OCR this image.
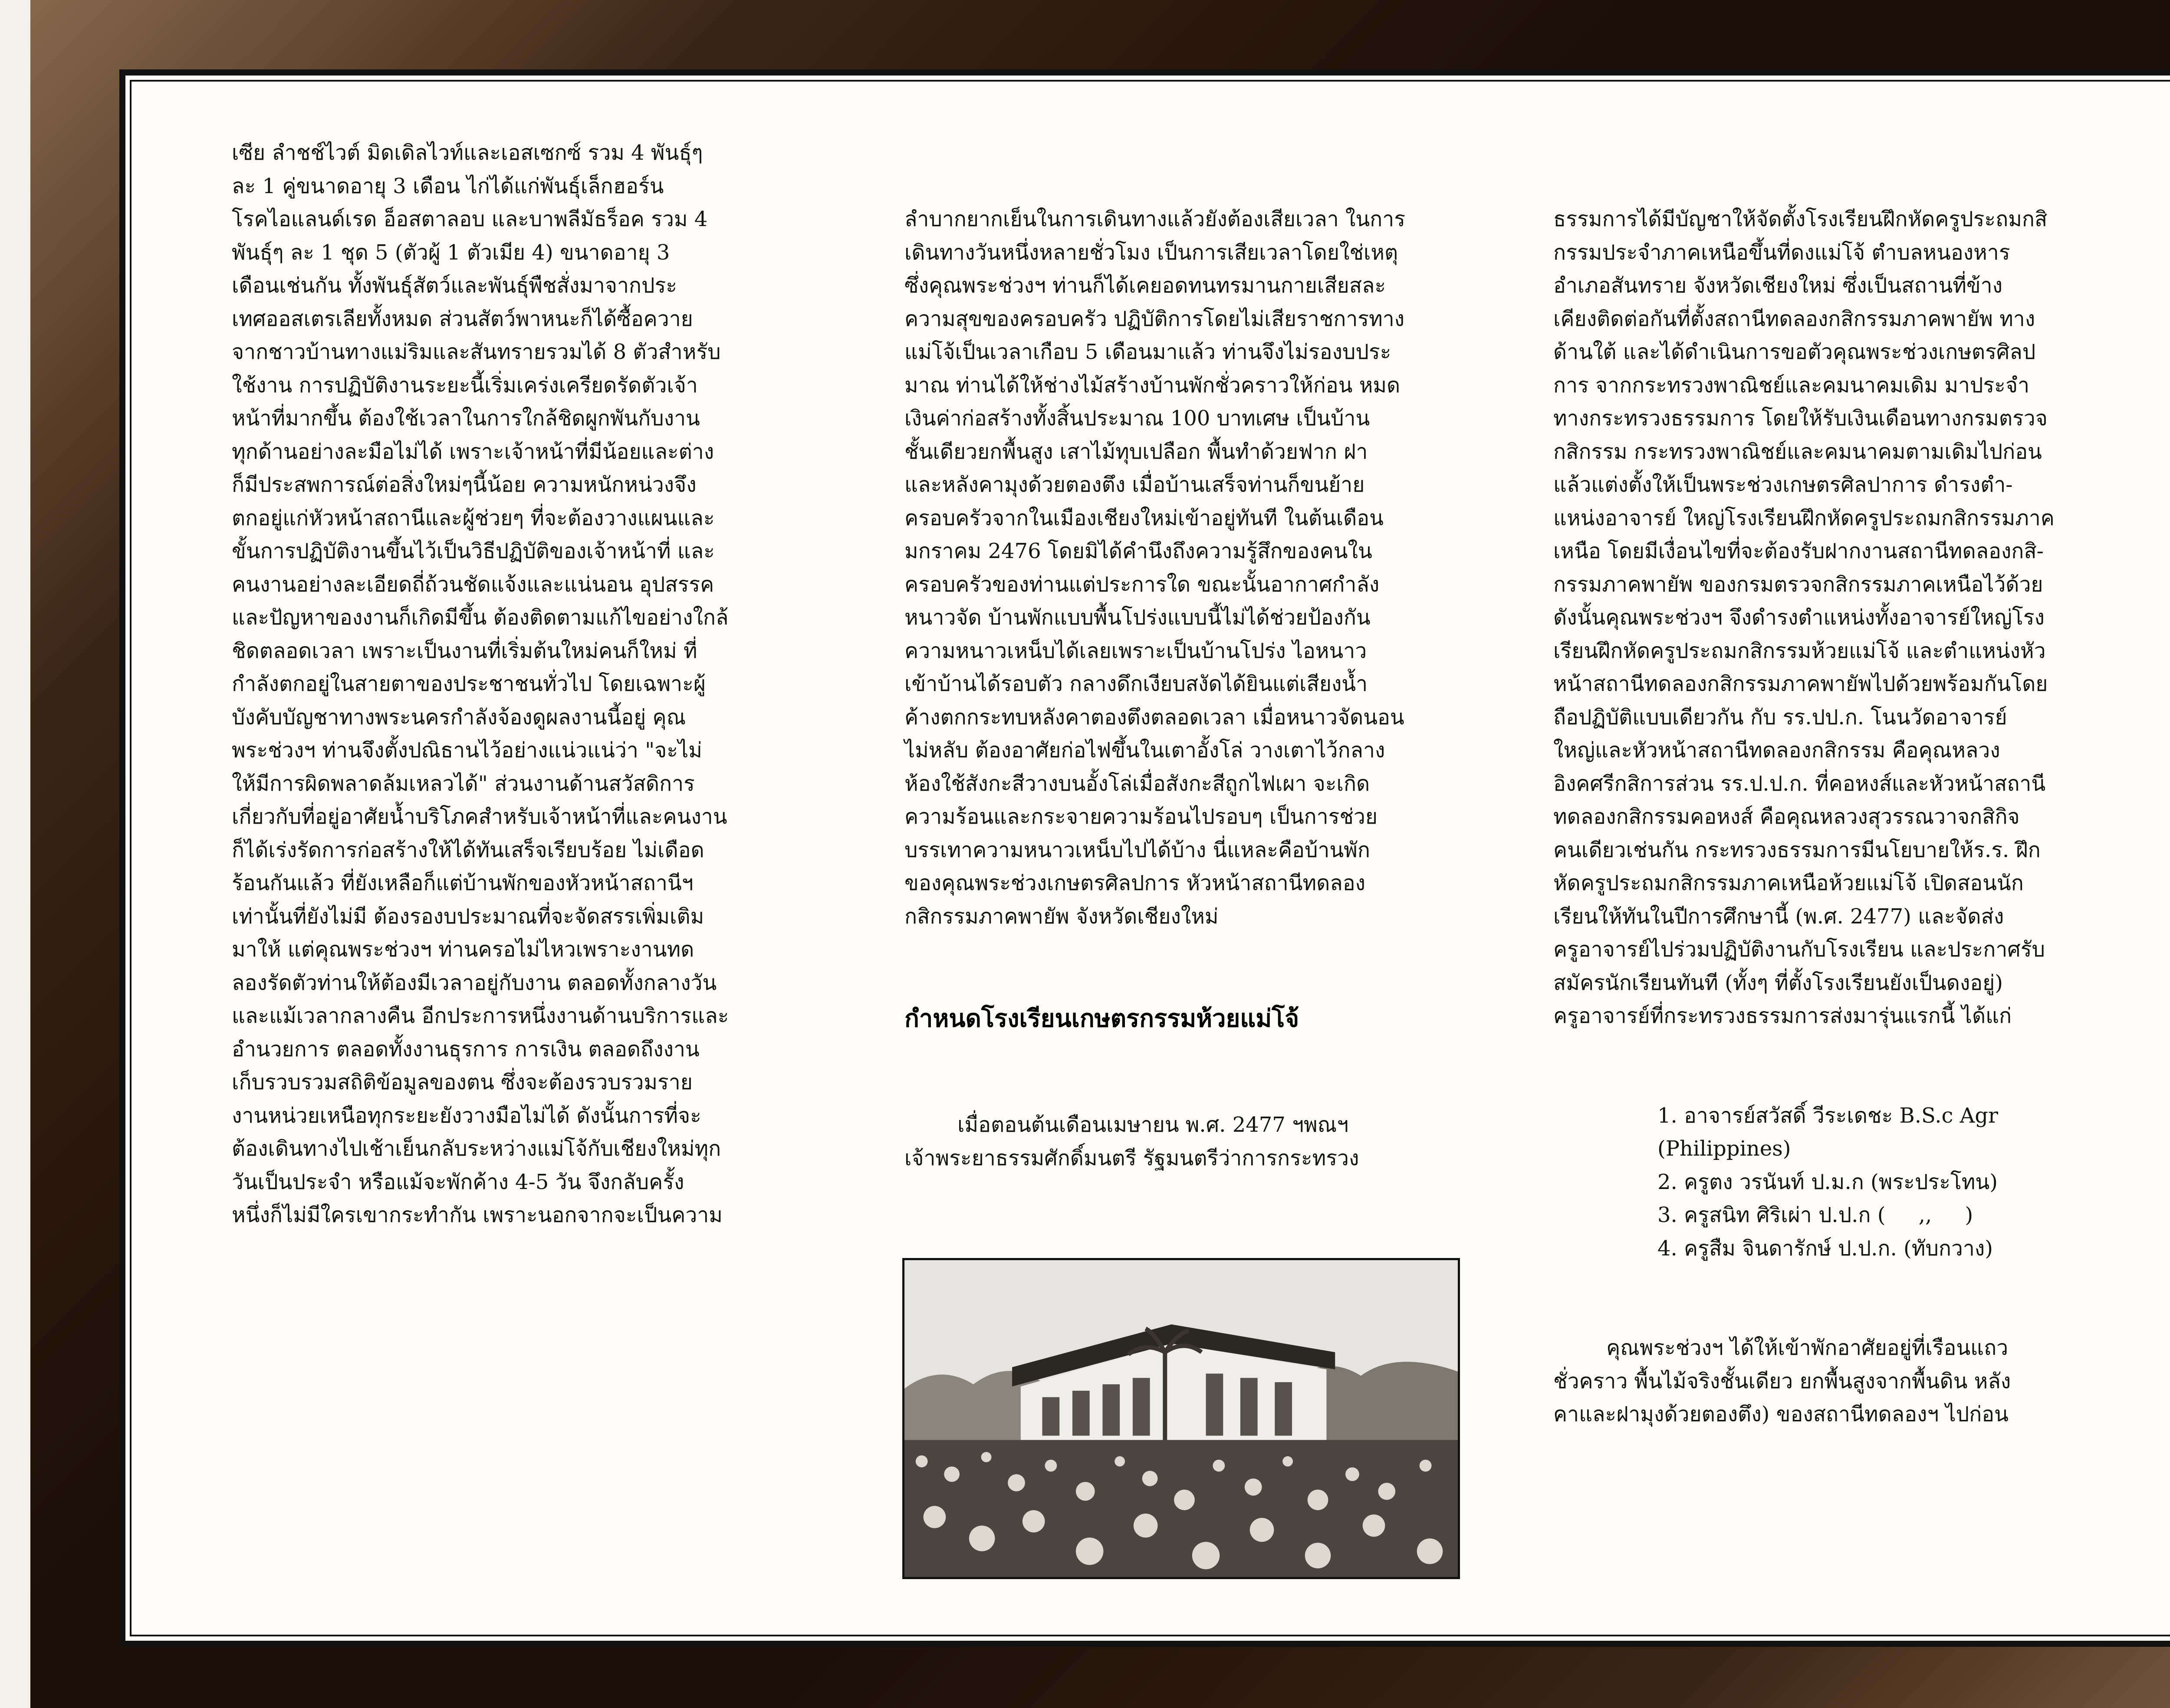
เซีย ลําชช์ไวต์ มิดเดิลไวท์และเอสเซกซ์ รวม 4 พันธุ์ๆ

ละ 1 คู่ขนาดอายุ 3 เดือน ไก่ได้แก่พันธุ์เล็กฮอร์น

โรคไอแลนด์เรด อ็อสตาลอบ และบาพลีมัธร็อค รวม 4

พันธุ์ๆ ละ 1 ชุด 5 (ตัวผู้ 1 ตัวเมีย 4) ขนาดอายุ 3

เดือนเช่นกัน ทั้งพันธุ์สัตว์และพันธุ์พืชสั่งมาจากประ

เทศออสเตรเลียทั้งหมด ส่วนสัตว์พาหนะก็ได้ซื้อควาย

จากชาวบ้านทางแม่ริมและสันทรายรวมได้ 8 ตัวสําหรับ

ใช้งาน การปฏิบัติงานระยะนี้เริ่มเคร่งเครียดรัดตัวเจ้า

หน้าที่มากขึ้น ต้องใช้เวลาในการใกล้ชิดผูกพันกับงาน

ทุกด้านอย่างละมือไม่ได้ เพราะเจ้าหน้าที่มีน้อยและต่าง

ก็มีประสพการณ์ต่อสิ่งใหม่ๆนี้น้อย ความหนักหน่วงจึง

ตกอยู่แก่หัวหน้าสถานีและผู้ช่วยๆ ที่จะต้องวางแผนและ

ขั้นการปฏิบัติงานขึ้นไว้เป็นวิธีปฏิบัติของเจ้าหน้าที่ และ

คนงานอย่างละเอียดถี่ถ้วนชัดแจ้งและแน่นอน อุปสรรค

และปัญหาของงานก็เกิดมีขึ้น ต้องติดตามแก้ไขอย่างใกล้

ชิดตลอดเวลา เพราะเป็นงานที่เริ่มต้นใหม่คนก็ใหม่ ที่

กําลังตกอยู่ในสายตาของประชาชนทั่วไป โดยเฉพาะผู้

บังคับบัญชาทางพระนครกําลังจ้องดูผลงานนี้อยู่ คุณ

พระช่วงฯ ท่านจึงตั้งปณิธานไว้อย่างแน่วแน่ว่า "จะไม่

ให้มีการผิดพลาดล้มเหลวได้" ส่วนงานด้านสวัสดิการ

เกี่ยวกับที่อยู่อาศัยน้ำบริโภคสําหรับเจ้าหน้าที่และคนงาน

ก็ได้เร่งรัดการก่อสร้างให้ได้ทันเสร็จเรียบร้อย ไม่เดือด

ร้อนกันแล้ว ที่ยังเหลือก็แต่บ้านพักของหัวหน้าสถานีฯ

เท่านั้นที่ยังไม่มี ต้องรองบประมาณที่จะจัดสรรเพิ่มเติม

มาให้ แต่คุณพระช่วงฯ ท่านครอไม่ไหวเพราะงานทด

ลองรัดตัวท่านให้ต้องมีเวลาอยู่กับงาน ตลอดทั้งกลางวัน

และแม้เวลากลางคืน อีกประการหนึ่งงานด้านบริการและ

อํานวยการ ตลอดทั้งงานธุรการ การเงิน ตลอดถึงงาน

เก็บรวบรวมสถิติข้อมูลของตน ซึ่งจะต้องรวบรวมราย

งานหน่วยเหนือทุกระยะยังวางมือไม่ได้ ดังนั้นการที่จะ

ต้องเดินทางไปเช้าเย็นกลับระหว่างแม่โจ้กับเชียงใหม่ทุก

วันเป็นประจํา หรือแม้จะพักค้าง 4-5 วัน จึงกลับครั้ง

หนึ่งก็ไม่มีใครเขากระทํากัน เพราะนอกจากจะเป็นความ

ลําบากยากเย็นในการเดินทางแล้วยังต้องเสียเวลา ในการ

เดินทางวันหนึ่งหลายชั่วโมง เป็นการเสียเวลาโดยใช่เหตุ

ซึ่งคุณพระช่วงฯ ท่านก็ได้เคยอดทนทรมานกายเสียสละ

ความสุขของครอบครัว ปฏิบัติการโดยไม่เสียราชการทาง

แม่โจ้เป็นเวลาเกือบ 5 เดือนมาแล้ว ท่านจึงไม่รองบประ

มาณ ท่านได้ให้ช่างไม้สร้างบ้านพักชั่วคราวให้ก่อน หมด

เงินค่าก่อสร้างทั้งสิ้นประมาณ 100 บาทเศษ เป็นบ้าน

ชั้นเดียวยกพื้นสูง เสาไม้ทุบเปลือก พื้นทําด้วยฟาก ฝา

และหลังคามุงด้วยตองตึง เมื่อบ้านเสร็จท่านก็ขนย้าย

ครอบครัวจากในเมืองเชียงใหม่เข้าอยู่ทันที ในต้นเดือน

มกราคม 2476 โดยมิได้คํานึงถึงความรู้สึกของคนใน

ครอบครัวของท่านแต่ประการใด ขณะนั้นอากาศกําลัง

หนาวจัด บ้านพักแบบพื้นโปร่งแบบนี้ไม่ได้ช่วยป้องกัน

ความหนาวเหน็บได้เลยเพราะเป็นบ้านโปร่ง ไอหนาว

เข้าบ้านได้รอบตัว กลางดึกเงียบสงัดได้ยินแต่เสียงน้ำ

ค้างตกกระทบหลังคาตองตึงตลอดเวลา เมื่อหนาวจัดนอน

ไม่หลับ ต้องอาศัยก่อไฟขึ้นในเตาอั้งโล่ วางเตาไว้กลาง

ห้องใช้สังกะสีวางบนอั้งโล่เมื่อสังกะสีถูกไฟเผา จะเกิด

ความร้อนและกระจายความร้อนไปรอบๆ เป็นการช่วย

บรรเทาความหนาวเหน็บไปได้บ้าง นี่แหละคือบ้านพัก

ของคุณพระช่วงเกษตรศิลปการ หัวหน้าสถานีทดลอง

กสิกรรมภาคพายัพ จังหวัดเชียงใหม่

กําหนดโรงเรียนเกษตรกรรมห้วยแม่โจ้

เมื่อตอนต้นเดือนเมษายน พ.ศ. 2477 ฯพณฯ

เจ้าพระยาธรรมศักดิ์มนตรี รัฐมนตรีว่าการกระทรวง

ธรรมการได้มีบัญชาให้จัดตั้งโรงเรียนฝึกหัดครูประถมกสิ

กรรมประจําภาคเหนือขึ้นที่ดงแม่โจ้ ตําบลหนองหาร

อําเภอสันทราย จังหวัดเชียงใหม่ ซึ่งเป็นสถานที่ข้าง

เคียงติดต่อกันที่ตั้งสถานีทดลองกสิกรรมภาคพายัพ ทาง

ด้านใต้ และได้ดําเนินการขอตัวคุณพระช่วงเกษตรศิลป

การ จากกระทรวงพาณิชย์และคมนาคมเดิม มาประจํา

ทางกระทรวงธรรมการ โดยให้รับเงินเดือนทางกรมตรวจ

กสิกรรม กระทรวงพาณิชย์และคมนาคมตามเดิมไปก่อน

แล้วแต่งตั้งให้เป็นพระช่วงเกษตรศิลปาการ ดํารงตํา-

แหน่งอาจารย์ ใหญ่โรงเรียนฝึกหัดครูประถมกสิกรรมภาค

เหนือ โดยมีเงื่อนไขที่จะต้องรับฝากงานสถานีทดลองกสิ-

กรรมภาคพายัพ ของกรมตรวจกสิกรรมภาคเหนือไว้ด้วย

ดังนั้นคุณพระช่วงฯ จึงดํารงตําแหน่งทั้งอาจารย์ใหญ่โรง

เรียนฝึกหัดครูประถมกสิกรรมห้วยแม่โจ้ และตําแหน่งหัว

หน้าสถานีทดลองกสิกรรมภาคพายัพไปด้วยพร้อมกันโดย

ถือปฏิบัติแบบเดียวกัน กับ รร.ปป.ก. โนนวัดอาจารย์

ใหญ่และหัวหน้าสถานีทดลองกสิกรรม คือคุณหลวง

อิงคศรีกสิการส่วน รร.ป.ป.ก. ที่คอหงส์และหัวหน้าสถานี

ทดลองกสิกรรมคอหงส์ คือคุณหลวงสุวรรณวาจกสิกิจ

คนเดียวเช่นกัน กระทรวงธรรมการมีนโยบายให้ร.ร. ฝึก

หัดครูประถมกสิกรรมภาคเหนือห้วยแม่โจ้ เปิดสอนนัก

เรียนให้ทันในปีการศึกษานี้ (พ.ศ. 2477) และจัดส่ง

ครูอาจารย์ไปร่วมปฏิบัติงานกับโรงเรียน และประกาศรับ

สมัครนักเรียนทันที (ทั้งๆ ที่ตั้งโรงเรียนยังเป็นดงอยู่)

ครูอาจารย์ที่กระทรวงธรรมการส่งมารุ่นแรกนี้ ได้แก่

1. อาจารย์สวัสดิ์ วีระเดชะ B.S.c Agr

(Philippines)

2. ครูตง วรนันท์ ป.ม.ก (พระประโทน)

3. ครูสนิท ศิริเผ่า ป.ป.ก (     ,,     )

4. ครูสืม จินดารักษ์ ป.ป.ก. (ทับกวาง)

คุณพระช่วงฯ ได้ให้เข้าพักอาศัยอยู่ที่เรือนแถว

ชั่วคราว พื้นไม้จริงชั้นเดียว ยกพื้นสูงจากพื้นดิน หลัง

คาและฝามุงด้วยตองตึง) ของสถานีทดลองฯ ไปก่อน
